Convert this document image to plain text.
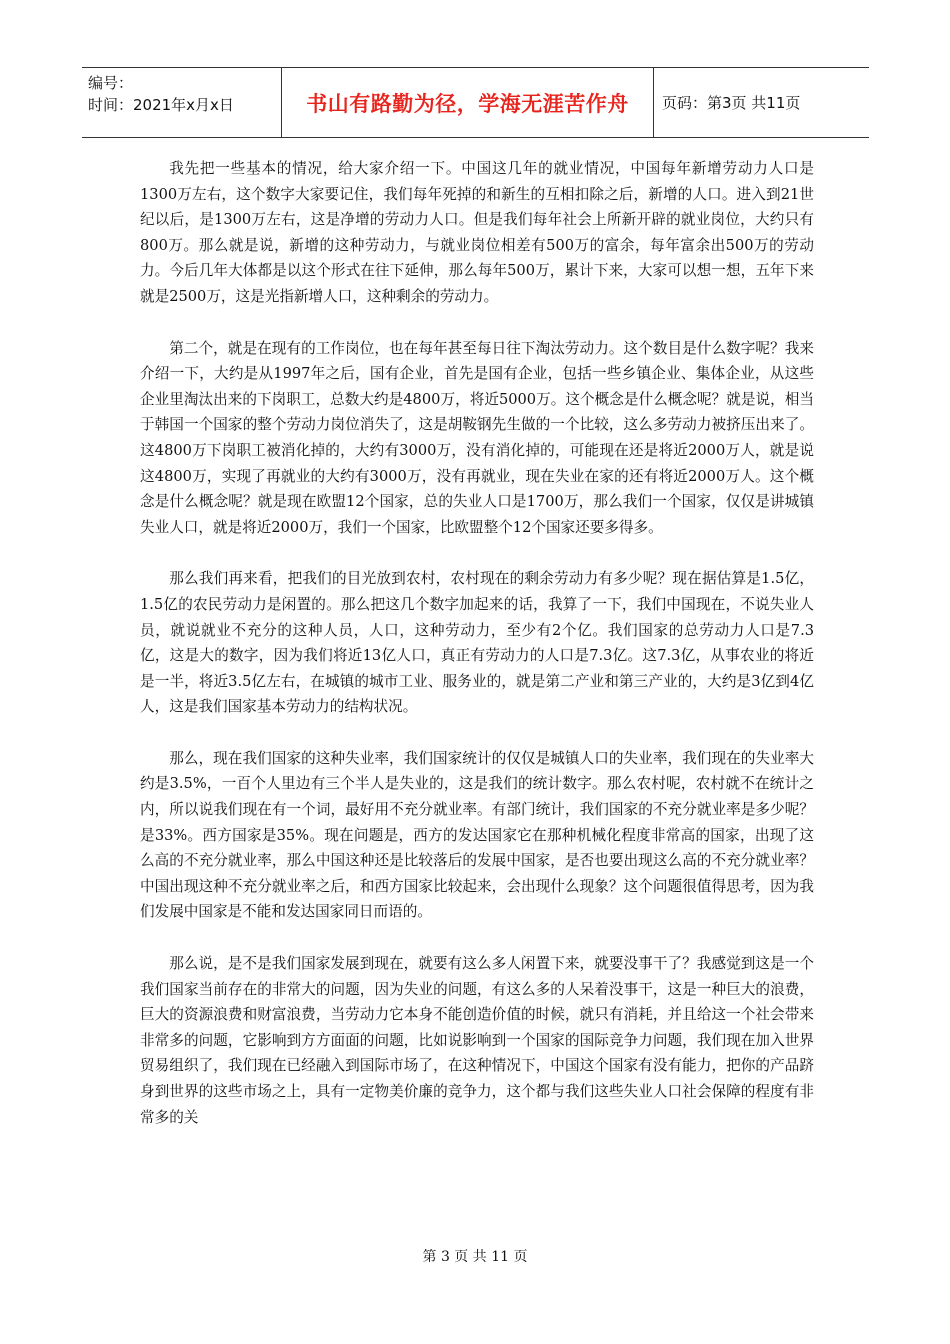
编号：
时间：2021年x月x日	书山有路勤为径，学海无涯苦作舟	页码：第3页 共11页

我先把一些基本的情况，给大家介绍一下。中国这几年的就业情况，中国每年新增劳动力人口是1300万左右，这个数字大家要记住，我们每年死掉的和新生的互相扣除之后，新增的人口。进入到21世纪以后，是1300万左右，这是净增的劳动力人口。但是我们每年社会上所新开辟的就业岗位，大约只有800万。那么就是说，新增的这种劳动力，与就业岗位相差有500万的富余，每年富余出500万的劳动力。今后几年大体都是以这个形式在往下延伸，那么每年500万，累计下来，大家可以想一想，五年下来就是2500万，这是光指新增人口，这种剩余的劳动力。

第二个，就是在现有的工作岗位，也在每年甚至每日往下淘汰劳动力。这个数目是什么数字呢？我来介绍一下，大约是从1997年之后，国有企业，首先是国有企业，包括一些乡镇企业、集体企业，从这些企业里淘汰出来的下岗职工，总数大约是4800万，将近5000万。这个概念是什么概念呢？就是说，相当于韩国一个国家的整个劳动力岗位消失了，这是胡鞍钢先生做的一个比较，这么多劳动力被挤压出来了。这4800万下岗职工被消化掉的，大约有3000万，没有消化掉的，可能现在还是将近2000万人，就是说这4800万，实现了再就业的大约有3000万，没有再就业，现在失业在家的还有将近2000万人。这个概念是什么概念呢？就是现在欧盟12个国家，总的失业人口是1700万，那么我们一个国家，仅仅是讲城镇失业人口，就是将近2000万，我们一个国家，比欧盟整个12个国家还要多得多。

那么我们再来看，把我们的目光放到农村，农村现在的剩余劳动力有多少呢？现在据估算是1.5亿，1.5亿的农民劳动力是闲置的。那么把这几个数字加起来的话，我算了一下，我们中国现在，不说失业人员，就说就业不充分的这种人员，人口，这种劳动力，至少有2个亿。我们国家的总劳动力人口是7.3亿，这是大的数字，因为我们将近13亿人口，真正有劳动力的人口是7.3亿。这7.3亿，从事农业的将近是一半，将近3.5亿左右，在城镇的城市工业、服务业的，就是第二产业和第三产业的，大约是3亿到4亿人，这是我们国家基本劳动力的结构状况。

那么，现在我们国家的这种失业率，我们国家统计的仅仅是城镇人口的失业率，我们现在的失业率大约是3.5%，一百个人里边有三个半人是失业的，这是我们的统计数字。那么农村呢，农村就不在统计之内，所以说我们现在有一个词，最好用不充分就业率。有部门统计，我们国家的不充分就业率是多少呢？是33%。西方国家是35%。现在问题是，西方的发达国家它在那种机械化程度非常高的国家，出现了这么高的不充分就业率，那么中国这种还是比较落后的发展中国家，是否也要出现这么高的不充分就业率？中国出现这种不充分就业率之后，和西方国家比较起来，会出现什么现象？这个问题很值得思考，因为我们发展中国家是不能和发达国家同日而语的。

那么说，是不是我们国家发展到现在，就要有这么多人闲置下来，就要没事干了？我感觉到这是一个我们国家当前存在的非常大的问题，因为失业的问题，有这么多的人呆着没事干，这是一种巨大的浪费，巨大的资源浪费和财富浪费，当劳动力它本身不能创造价值的时候，就只有消耗，并且给这一个社会带来非常多的问题，它影响到方方面面的问题，比如说影响到一个国家的国际竞争力问题，我们现在加入世界贸易组织了，我们现在已经融入到国际市场了，在这种情况下，中国这个国家有没有能力，把你的产品跻身到世界的这些市场之上，具有一定物美价廉的竞争力，这个都与我们这些失业人口社会保障的程度有非常多的关

第 3 页 共 11 页
